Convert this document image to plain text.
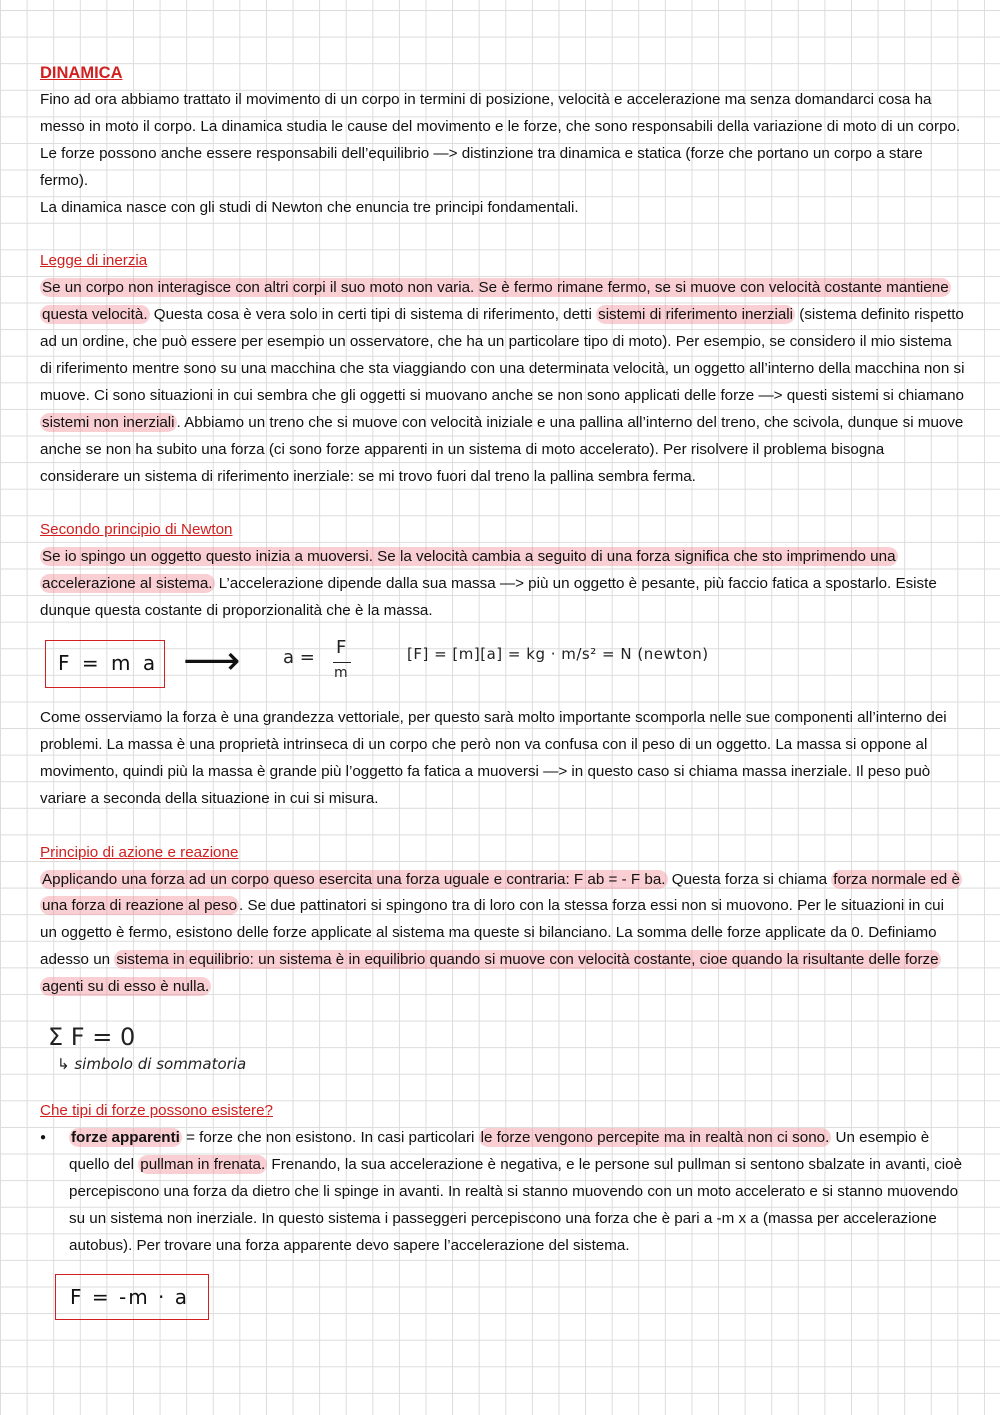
DINAMICA

Fino ad ora abbiamo trattato il movimento di un corpo in termini di posizione, velocità e accelerazione ma senza domandarci cosa ha messo in moto il corpo. La dinamica studia le cause del movimento e le forze, che sono responsabili della variazione di moto di un corpo. Le forze possono anche essere responsabili dell’equilibrio —> distinzione tra dinamica e statica (forze che portano un corpo a stare fermo).

La dinamica nasce con gli studi di Newton che enuncia tre principi fondamentali.

Legge di inerzia

Se un corpo non interagisce con altri corpi il suo moto non varia. Se è fermo rimane fermo, se si muove con velocità costante mantiene questa velocità. Questa cosa è vera solo in certi tipi di sistema di riferimento, detti sistemi di riferimento inerziali (sistema definito rispetto ad un ordine, che può essere per esempio un osservatore, che ha un particolare tipo di moto). Per esempio, se considero il mio sistema di riferimento mentre sono su una macchina che sta viaggiando con una determinata velocità, un oggetto all’interno della macchina non si muove. Ci sono situazioni in cui sembra che gli oggetti si muovano anche se non sono applicati delle forze —> questi sistemi si chiamano sistemi non inerziali . Abbiamo un treno che si muove con velocità iniziale e una pallina all’interno del treno, che scivola, dunque si muove anche se non ha subito una forza (ci sono forze apparenti in un sistema di moto accelerato). Per risolvere il problema bisogna considerare un sistema di riferimento inerziale: se mi trovo fuori dal treno la pallina sembra ferma.

Secondo principio di Newton

Se io spingo un oggetto questo inizia a muoversi. Se la velocità cambia a seguito di una forza significa che sto imprimendo una accelerazione al sistema. L’accelerazione dipende dalla sua massa —> più un oggetto è pesante, più faccio fatica a spostarlo. Esiste dunque questa costante di proporzionalità che è la massa.

F = m a ⟶ a = F
m
[F] = [m][a] = kg · m/s² = N (newton)

Come osserviamo la forza è una grandezza vettoriale, per questo sarà molto importante scomporla nelle sue componenti all’interno dei problemi. La massa è una proprietà intrinseca di un corpo che però non va confusa con il peso di un oggetto. La massa si oppone al movimento, quindi più la massa è grande più l’oggetto fa fatica a muoversi —> in questo caso si chiama massa inerziale. Il peso può variare a seconda della situazione in cui si misura.

Principio di azione e reazione

Applicando una forza ad un corpo queso esercita una forza uguale e contraria: F ab = - F ba. Questa forza si chiama forza normale ed è una forza di reazione al peso . Se due pattinatori si spingono tra di loro con la stessa forza essi non si muovono. Per le situazioni in cui un oggetto è fermo, esistono delle forze applicate al sistema ma queste si bilanciano. La somma delle forze applicate da 0. Definiamo adesso un sistema in equilibrio: un sistema è in equilibrio quando si muove con velocità costante, cioe quando la risultante delle forze agenti su di esso è nulla.

Σ F = 0
↳ simbolo di sommatoria
Che tipi di forze possono esistere?
● forze apparenti = forze che non esistono. In casi particolari le forze vengono percepite ma in realtà non ci sono. Un esempio è quello del pullman in frenata. Frenando, la sua accelerazione è negativa, e le persone sul pullman si sentono sbalzate in avanti, cioè percepiscono una forza da dietro che li spinge in avanti. In realtà si stanno muovendo con un moto accelerato e si stanno muovendo su un sistema non inerziale. In questo sistema i passeggeri percepiscono una forza che è pari a -m x a (massa per accelerazione autobus). Per trovare una forza apparente devo sapere l’accelerazione del sistema.
F = -m · a
